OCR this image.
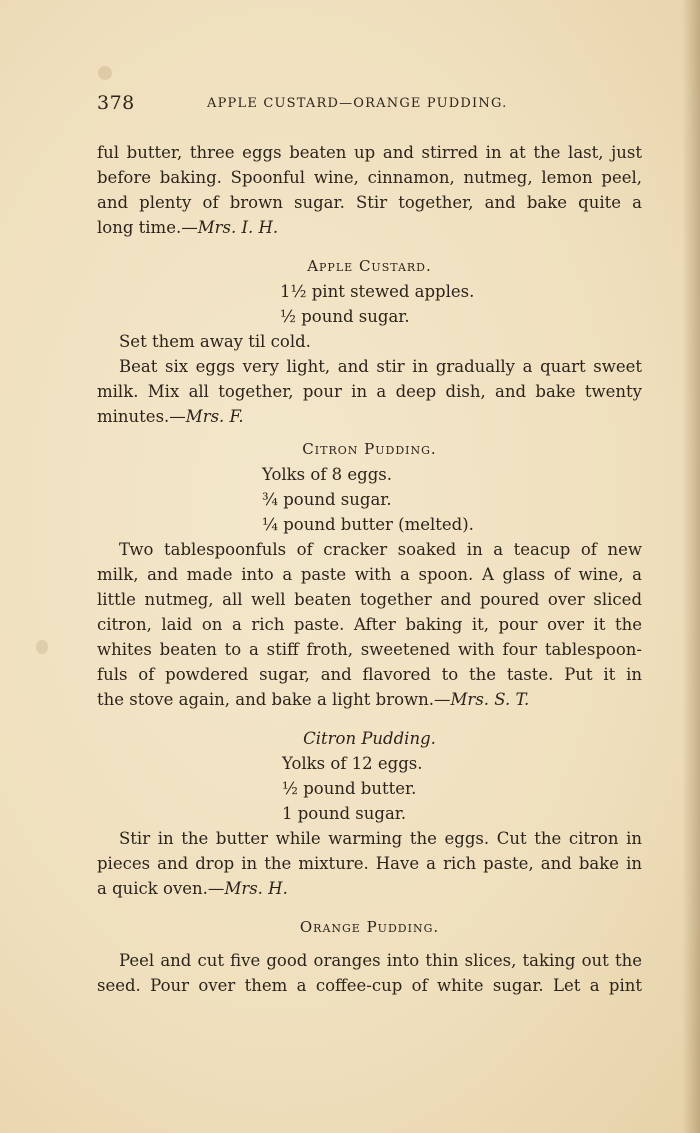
378	APPLE CUSTARD—ORANGE PUDDING.
ful butter, three eggs beaten up and stirred in at the last, just
before baking. Spoonful wine, cinnamon, nutmeg, lemon peel,
and plenty of brown sugar. Stir together, and bake quite a
long time.—Mrs. I. H.
Apple Custard.
1½ pint stewed apples.
½ pound sugar.
Set them away til cold.
Beat six eggs very light, and stir in gradually a quart sweet
milk. Mix all together, pour in a deep dish, and bake twenty
minutes.—Mrs. F.
Citron Pudding.
Yolks of 8 eggs.
¾ pound sugar.
¼ pound butter (melted).
Two tablespoonfuls of cracker soaked in a teacup of new
milk, and made into a paste with a spoon. A glass of wine, a
little nutmeg, all well beaten together and poured over sliced
citron, laid on a rich paste. After baking it, pour over it the
whites beaten to a stiff froth, sweetened with four tablespoon-
fuls of powdered sugar, and flavored to the taste. Put it in
the stove again, and bake a light brown.—Mrs. S. T.
Citron Pudding.
Yolks of 12 eggs.
½ pound butter.
1 pound sugar.
Stir in the butter while warming the eggs. Cut the citron in
pieces and drop in the mixture. Have a rich paste, and bake in
a quick oven.—Mrs. H.
Orange Pudding.
Peel and cut five good oranges into thin slices, taking out the
seed. Pour over them a coffee-cup of white sugar. Let a pint
